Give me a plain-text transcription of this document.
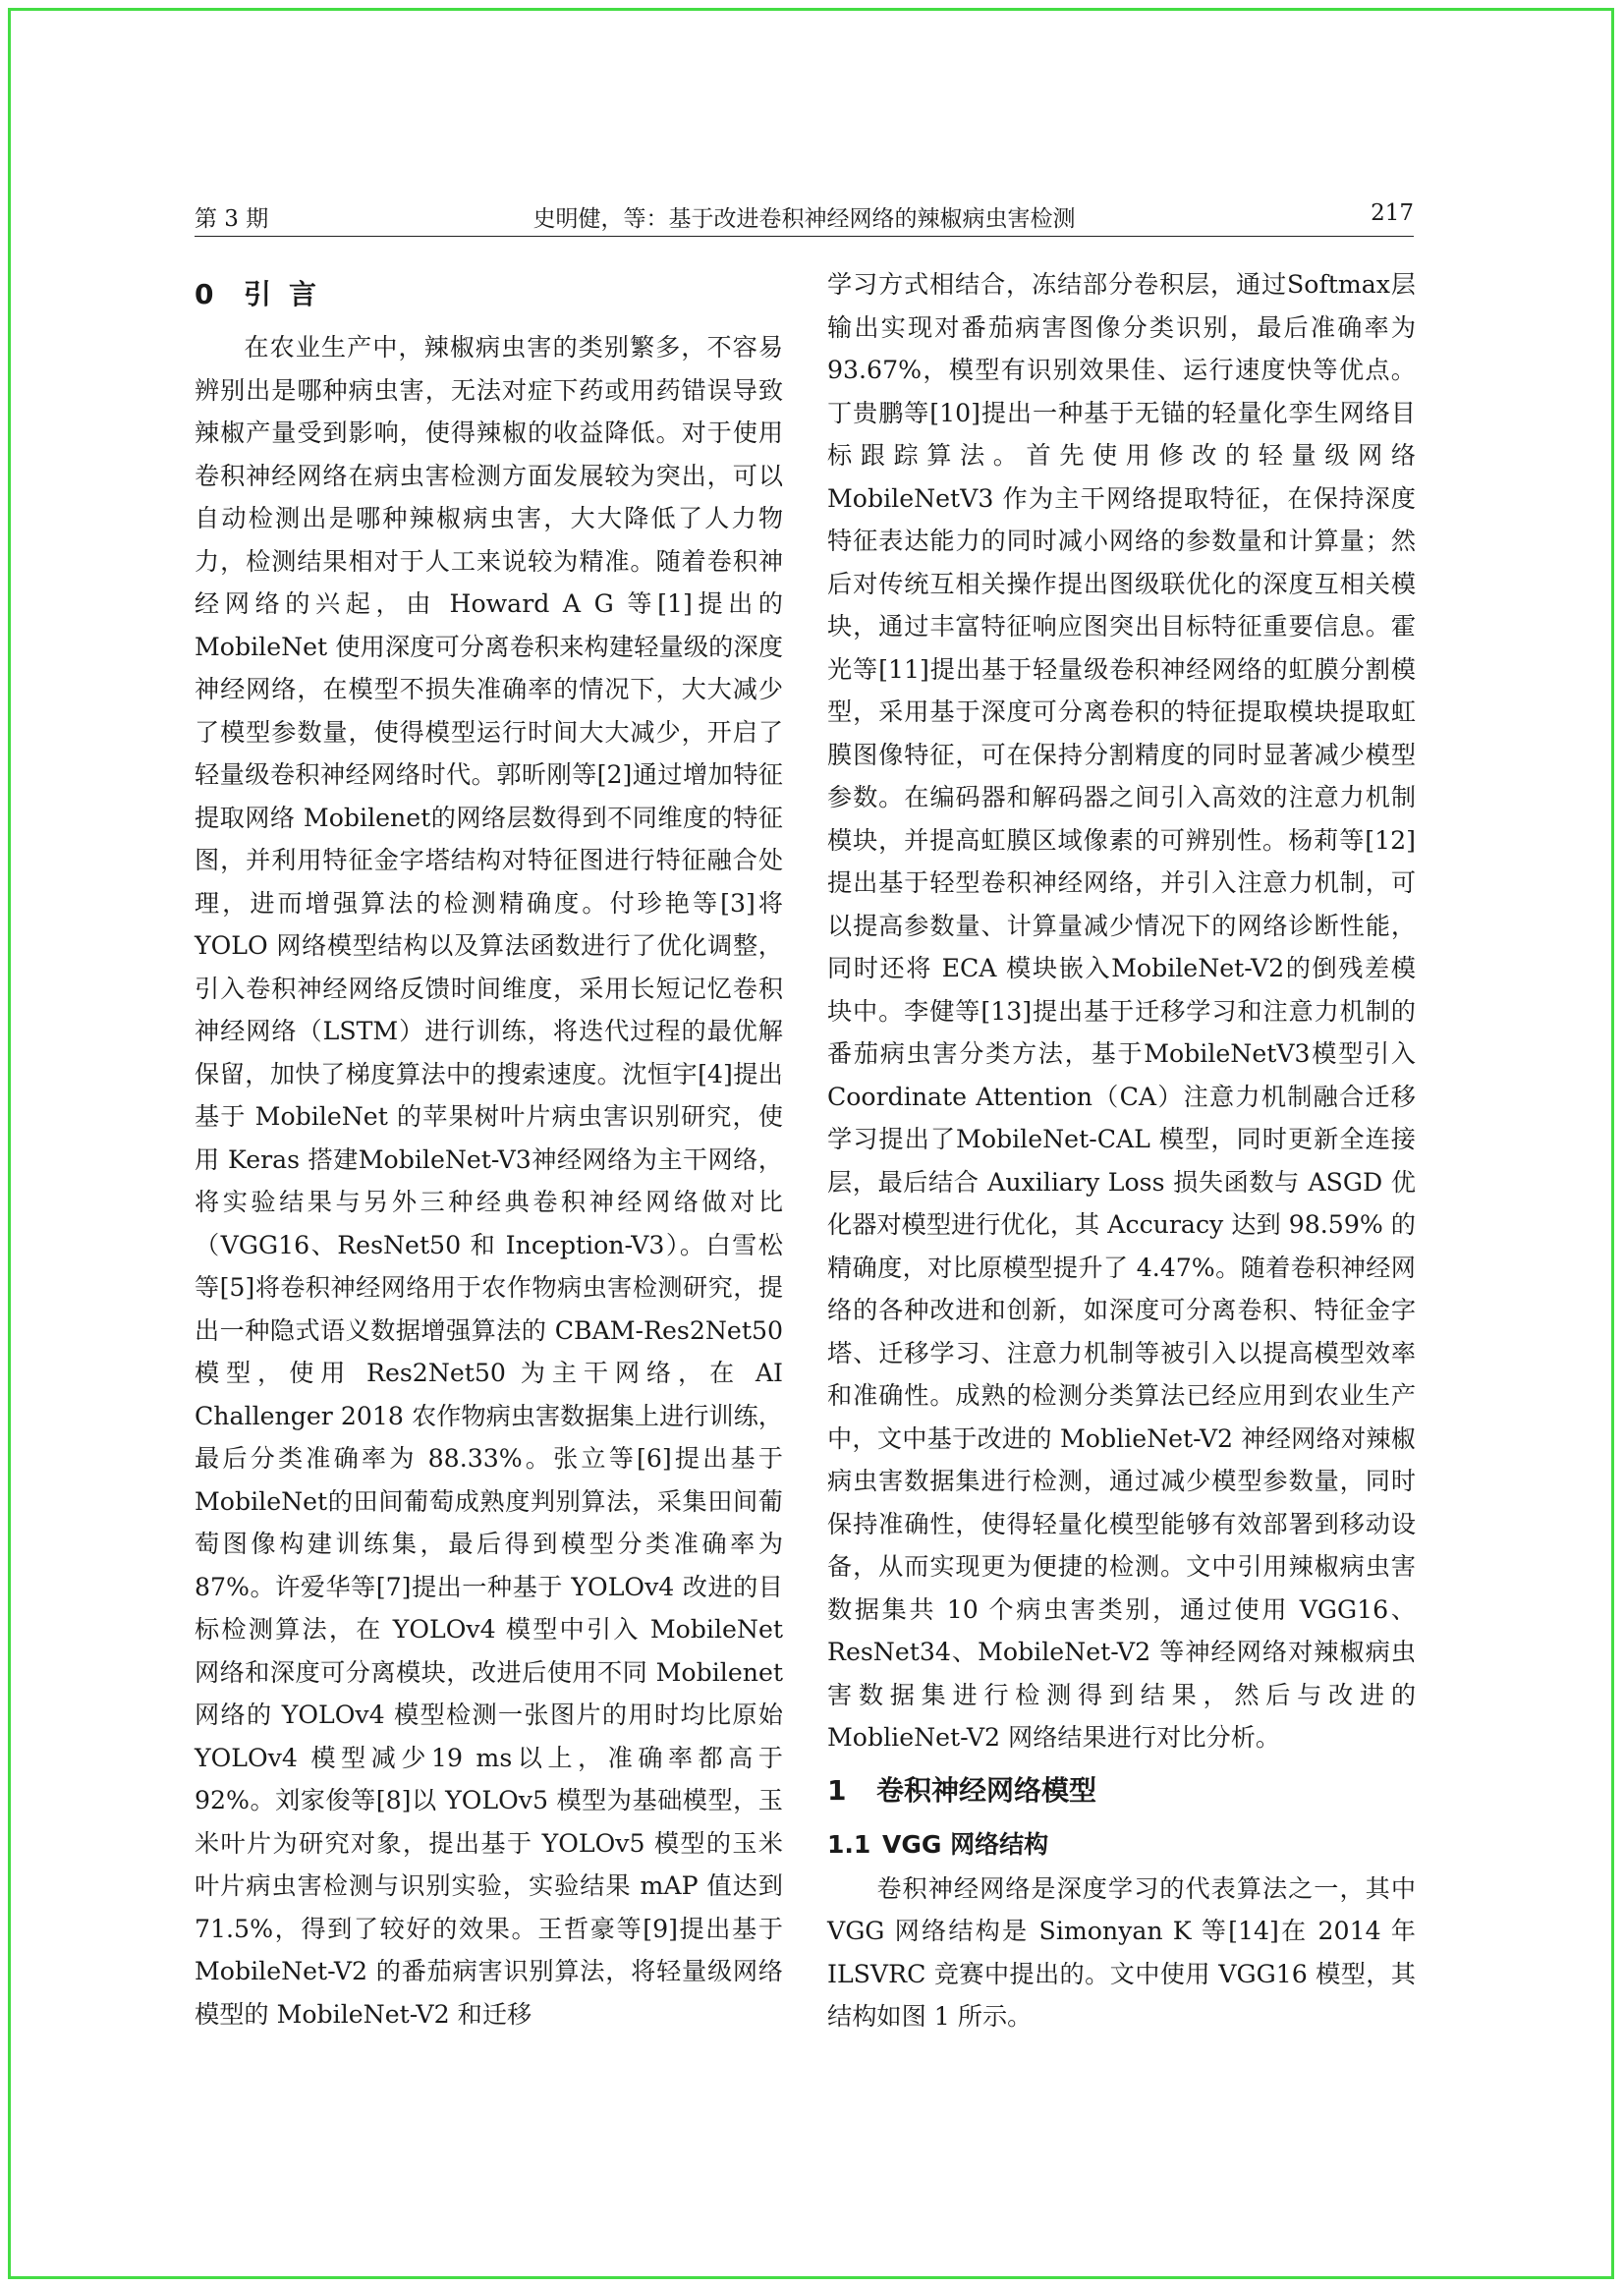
第 3 期	史明健，等：基于改进卷积神经网络的辣椒病虫害检测	217
0 引言

在农业生产中，辣椒病虫害的类别繁多，不容易辨别出是哪种病虫害，无法对症下药或用药错误导致辣椒产量受到影响，使得辣椒的收益降低。对于使用卷积神经网络在病虫害检测方面发展较为突出，可以自动检测出是哪种辣椒病虫害，大大降低了人力物力，检测结果相对于人工来说较为精准。随着卷积神经网络的兴起，由 Howard A G 等[1]提出的 MobileNet 使用深度可分离卷积来构建轻量级的深度神经网络，在模型不损失准确率的情况下，大大减少了模型参数量，使得模型运行时间大大减少，开启了轻量级卷积神经网络时代。郭昕刚等[2]通过增加特征提取网络 Mobilenet的网络层数得到不同维度的特征图，并利用特征金字塔结构对特征图进行特征融合处理，进而增强算法的检测精确度。付珍艳等[3]将 YOLO 网络模型结构以及算法函数进行了优化调整，引入卷积神经网络反馈时间维度，采用长短记忆卷积神经网络（LSTM）进行训练，将迭代过程的最优解保留，加快了梯度算法中的搜索速度。沈恒宇[4]提出基于 MobileNet 的苹果树叶片病虫害识别研究，使用 Keras 搭建MobileNet-V3神经网络为主干网络，将实验结果与另外三种经典卷积神经网络做对比（VGG16、ResNet50 和 Inception-V3）。白雪松等[5]将卷积神经网络用于农作物病虫害检测研究，提出一种隐式语义数据增强算法的 CBAM-Res2Net50 模型，使用 Res2Net50 为主干网络，在 AI Challenger 2018 农作物病虫害数据集上进行训练，最后分类准确率为 88.33%。张立等[6]提出基于MobileNet的田间葡萄成熟度判别算法，采集田间葡萄图像构建训练集，最后得到模型分类准确率为 87%。许爱华等[7]提出一种基于 YOLOv4 改进的目标检测算法，在 YOLOv4 模型中引入 MobileNet 网络和深度可分离模块，改进后使用不同 Mobilenet 网络的 YOLOv4 模型检测一张图片的用时均比原始 YOLOv4 模型减少19 ms以上，准确率都高于 92%。刘家俊等[8]以 YOLOv5 模型为基础模型，玉米叶片为研究对象，提出基于 YOLOv5 模型的玉米叶片病虫害检测与识别实验，实验结果 mAP 值达到71.5%，得到了较好的效果。王哲豪等[9]提出基于 MobileNet-V2 的番茄病害识别算法，将轻量级网络模型的 MobileNet-V2 和迁移

学习方式相结合，冻结部分卷积层，通过Softmax层输出实现对番茄病害图像分类识别，最后准确率为93.67%，模型有识别效果佳、运行速度快等优点。丁贵鹏等[10]提出一种基于无锚的轻量化孪生网络目标跟踪算法。首先使用修改的轻量级网络 MobileNetV3 作为主干网络提取特征，在保持深度特征表达能力的同时减小网络的参数量和计算量；然后对传统互相关操作提出图级联优化的深度互相关模块，通过丰富特征响应图突出目标特征重要信息。霍光等[11]提出基于轻量级卷积神经网络的虹膜分割模型，采用基于深度可分离卷积的特征提取模块提取虹膜图像特征，可在保持分割精度的同时显著减少模型参数。在编码器和解码器之间引入高效的注意力机制模块，并提高虹膜区域像素的可辨别性。杨莉等[12]提出基于轻型卷积神经网络，并引入注意力机制，可以提高参数量、计算量减少情况下的网络诊断性能，同时还将 ECA 模块嵌入MobileNet-V2的倒残差模块中。李健等[13]提出基于迁移学习和注意力机制的番茄病虫害分类方法，基于MobileNetV3模型引入Coordinate Attention（CA）注意力机制融合迁移学习提出了MobileNet-CAL 模型，同时更新全连接层，最后结合 Auxiliary Loss 损失函数与 ASGD 优化器对模型进行优化，其 Accuracy 达到 98.59% 的精确度，对比原模型提升了 4.47%。随着卷积神经网络的各种改进和创新，如深度可分离卷积、特征金字塔、迁移学习、注意力机制等被引入以提高模型效率和准确性。成熟的检测分类算法已经应用到农业生产中，文中基于改进的 MoblieNet-V2 神经网络对辣椒病虫害数据集进行检测，通过减少模型参数量，同时保持准确性，使得轻量化模型能够有效部署到移动设备，从而实现更为便捷的检测。文中引用辣椒病虫害数据集共 10 个病虫害类别，通过使用 VGG16、ResNet34、MobileNet-V2 等神经网络对辣椒病虫害数据集进行检测得到结果，然后与改进的 MoblieNet-V2 网络结果进行对比分析。

1 卷积神经网络模型
1.1 VGG 网络结构

卷积神经网络是深度学习的代表算法之一，其中 VGG 网络结构是 Simonyan K 等[14]在 2014 年 ILSVRC 竞赛中提出的。文中使用 VGG16 模型，其结构如图 1 所示。
